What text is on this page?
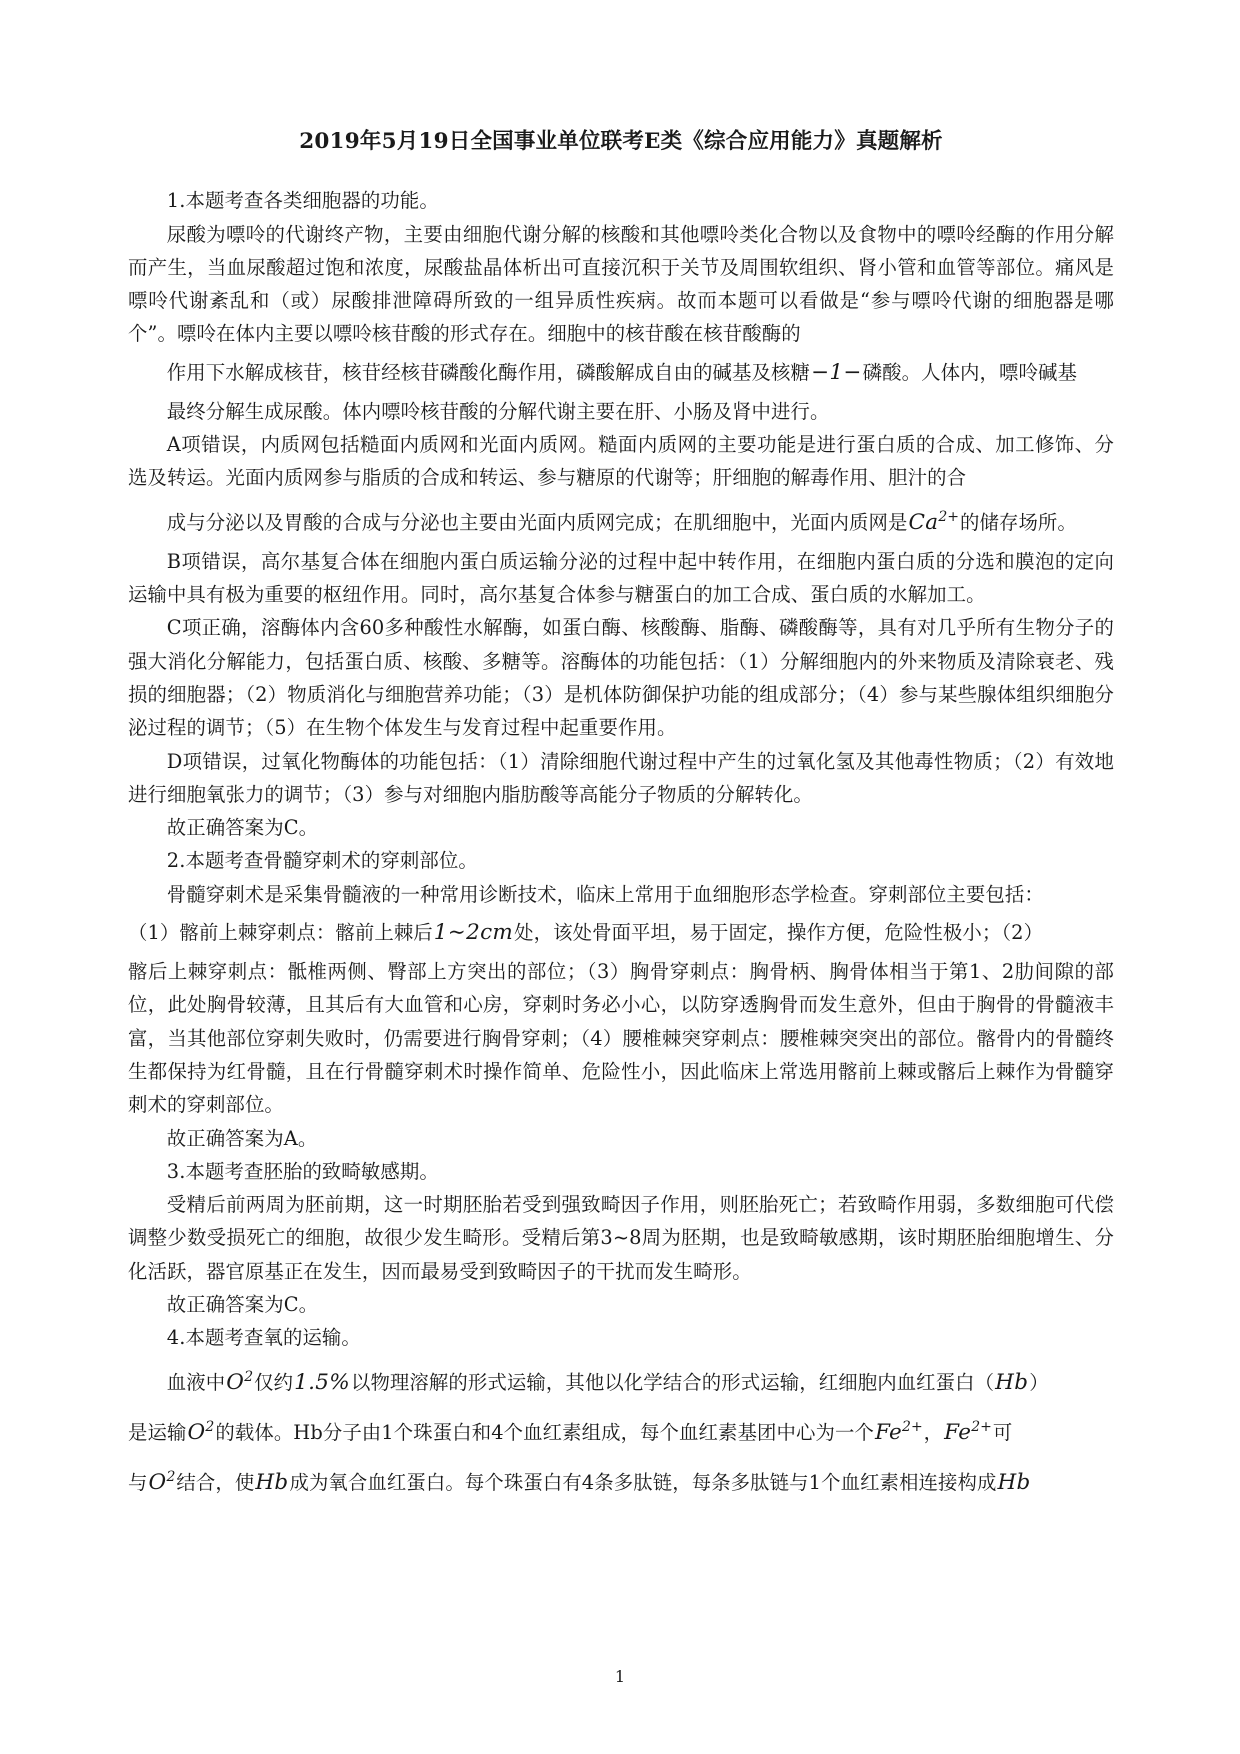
2019年5月19日全国事业单位联考E类《综合应用能力》真题解析

1.本题考查各类细胞器的功能。

尿酸为嘌呤的代谢终产物，主要由细胞代谢分解的核酸和其他嘌呤类化合物以及食物中的嘌呤经酶的作用分解而产生，当血尿酸超过饱和浓度，尿酸盐晶体析出可直接沉积于关节及周围软组织、肾小管和血管等部位。痛风是嘌呤代谢紊乱和（或）尿酸排泄障碍所致的一组异质性疾病。故而本题可以看做是“参与嘌呤代谢的细胞器是哪个”。嘌呤在体内主要以嘌呤核苷酸的形式存在。细胞中的核苷酸在核苷酸酶的

作用下水解成核苷，核苷经核苷磷酸化酶作用，磷酸解成自由的碱基及核糖−1−磷酸。人体内，嘌呤碱基

最终分解生成尿酸。体内嘌呤核苷酸的分解代谢主要在肝、小肠及肾中进行。

A项错误，内质网包括糙面内质网和光面内质网。糙面内质网的主要功能是进行蛋白质的合成、加工修饰、分选及转运。光面内质网参与脂质的合成和转运、参与糖原的代谢等；肝细胞的解毒作用、胆汁的合

成与分泌以及胃酸的合成与分泌也主要由光面内质网完成；在肌细胞中，光面内质网是$Ca^{2+}$的储存场所。

B项错误，高尔基复合体在细胞内蛋白质运输分泌的过程中起中转作用，在细胞内蛋白质的分选和膜泡的定向运输中具有极为重要的枢纽作用。同时，高尔基复合体参与糖蛋白的加工合成、蛋白质的水解加工。

C项正确，溶酶体内含60多种酸性水解酶，如蛋白酶、核酸酶、脂酶、磷酸酶等，具有对几乎所有生物分子的强大消化分解能力，包括蛋白质、核酸、多糖等。溶酶体的功能包括：（1）分解细胞内的外来物质及清除衰老、残损的细胞器；（2）物质消化与细胞营养功能；（3）是机体防御保护功能的组成部分；（4）参与某些腺体组织细胞分泌过程的调节；（5）在生物个体发生与发育过程中起重要作用。

D项错误，过氧化物酶体的功能包括：（1）清除细胞代谢过程中产生的过氧化氢及其他毒性物质；（2）有效地进行细胞氧张力的调节；（3）参与对细胞内脂肪酸等高能分子物质的分解转化。

故正确答案为C。

2.本题考查骨髓穿刺术的穿刺部位。

骨髓穿刺术是采集骨髓液的一种常用诊断技术，临床上常用于血细胞形态学检查。穿刺部位主要包括：

（1）髂前上棘穿刺点：髂前上棘后1∼2cm处，该处骨面平坦，易于固定，操作方便，危险性极小；（2）

髂后上棘穿刺点：骶椎两侧、臀部上方突出的部位；（3）胸骨穿刺点：胸骨柄、胸骨体相当于第1、2肋间隙的部位，此处胸骨较薄，且其后有大血管和心房，穿刺时务必小心，以防穿透胸骨而发生意外，但由于胸骨的骨髓液丰富，当其他部位穿刺失败时，仍需要进行胸骨穿刺；（4）腰椎棘突穿刺点：腰椎棘突突出的部位。髂骨内的骨髓终生都保持为红骨髓，且在行骨髓穿刺术时操作简单、危险性小，因此临床上常选用髂前上棘或髂后上棘作为骨髓穿刺术的穿刺部位。

故正确答案为A。

3.本题考查胚胎的致畸敏感期。

受精后前两周为胚前期，这一时期胚胎若受到强致畸因子作用，则胚胎死亡；若致畸作用弱，多数细胞可代偿调整少数受损死亡的细胞，故很少发生畸形。受精后第3~8周为胚期，也是致畸敏感期，该时期胚胎细胞增生、分化活跃，器官原基正在发生，因而最易受到致畸因子的干扰而发生畸形。

故正确答案为C。

4.本题考查氧的运输。

血液中$O^2$仅约1.5%以物理溶解的形式运输，其他以化学结合的形式运输，红细胞内血红蛋白（Hb）

是运输$O^2$的载体。Hb分子由1个珠蛋白和4个血红素组成，每个血红素基团中心为一个$Fe^{2+}$，$Fe^{2+}$可

与$O^2$结合，使Hb成为氧合血红蛋白。每个珠蛋白有4条多肽链，每条多肽链与1个血红素相连接构成Hb

1
